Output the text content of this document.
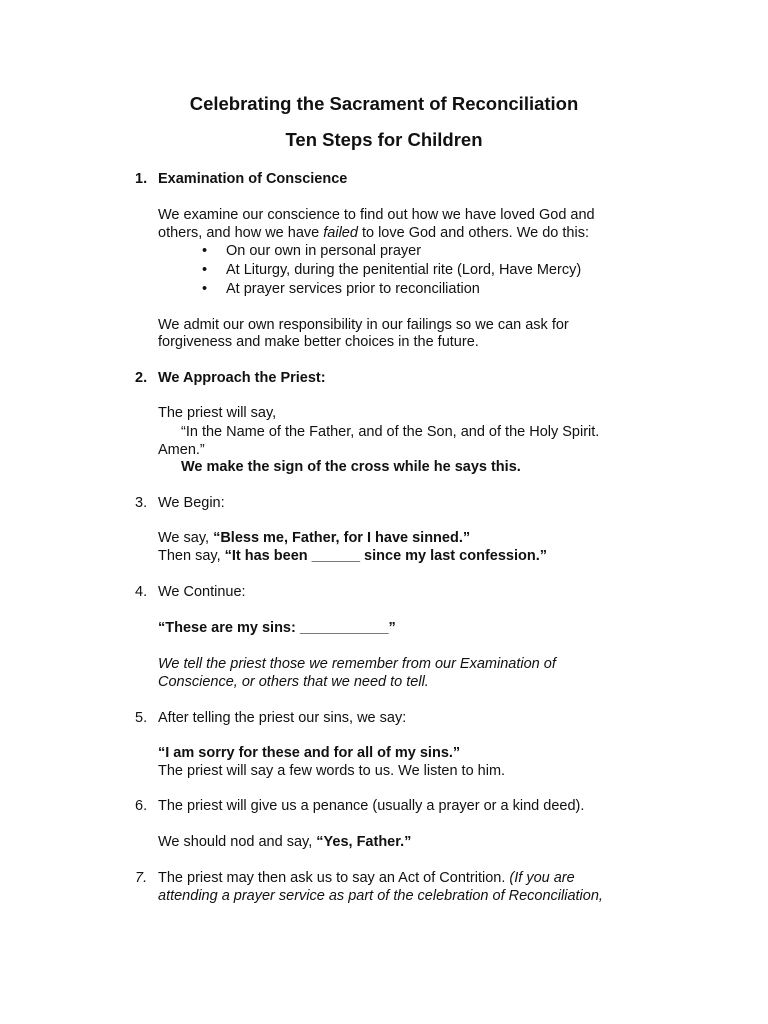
Celebrating the Sacrament of Reconciliation
Ten Steps for Children
1. Examination of Conscience
We examine our conscience to find out how we have loved God and
others, and how we have failed to love God and others. We do this:
• On our own in personal prayer
• At Liturgy, during the penitential rite (Lord, Have Mercy)
• At prayer services prior to reconciliation
We admit our own responsibility in our failings so we can ask for
forgiveness and make better choices in the future.
2. We Approach the Priest:
The priest will say,
“In the Name of the Father, and of the Son, and of the Holy Spirit.
Amen.”
We make the sign of the cross while he says this.
3. We Begin:
We say, “Bless me, Father, for I have sinned.”
Then say, “It has been ______ since my last confession.”
4. We Continue:
“These are my sins: ___________”
We tell the priest those we remember from our Examination of
Conscience, or others that we need to tell.
5. After telling the priest our sins, we say:
“I am sorry for these and for all of my sins.”
The priest will say a few words to us. We listen to him.
6. The priest will give us a penance (usually a prayer or a kind deed).
We should nod and say, “Yes, Father.”
7. The priest may then ask us to say an Act of Contrition. (If you are
attending a prayer service as part of the celebration of Reconciliation,
